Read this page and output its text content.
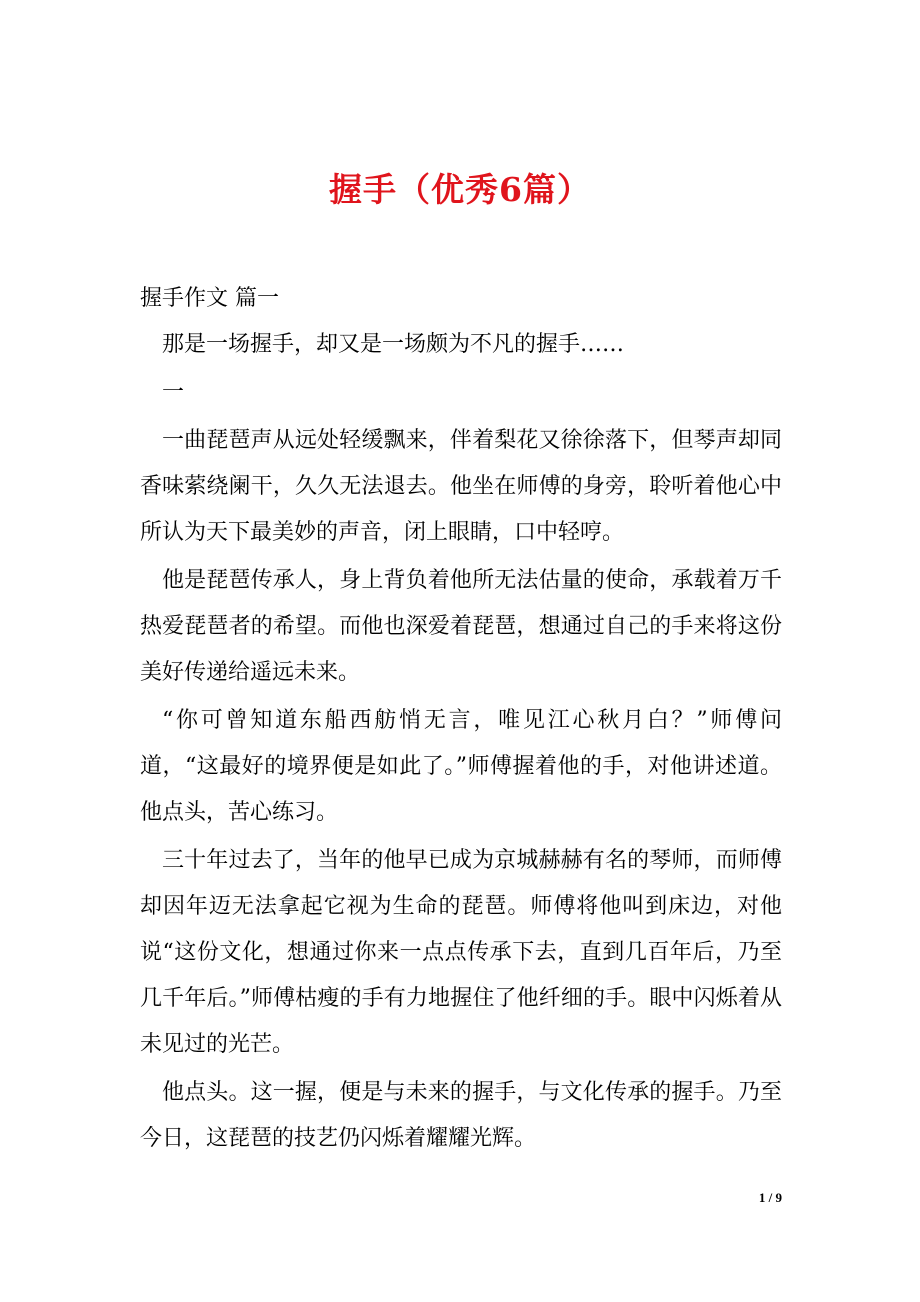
握手（优秀6篇）

握手作文 篇一

那是一场握手，却又是一场颇为不凡的握手……

一

一曲琵琶声从远处轻缓飘来，伴着梨花又徐徐落下，但琴声却同香味萦绕阑干，久久无法退去。他坐在师傅的身旁，聆听着他心中所认为天下最美妙的声音，闭上眼睛，口中轻哼。

他是琵琶传承人，身上背负着他所无法估量的使命，承载着万千热爱琵琶者的希望。而他也深爱着琵琶，想通过自己的手来将这份美好传递给遥远未来。

“你可曾知道东船西舫悄无言，唯见江心秋月白？”师傅问道，“这最好的境界便是如此了。”师傅握着他的手，对他讲述道。他点头，苦心练习。

三十年过去了，当年的他早已成为京城赫赫有名的琴师，而师傅却因年迈无法拿起它视为生命的琵琶。师傅将他叫到床边，对他说“这份文化，想通过你来一点点传承下去，直到几百年后，乃至几千年后。”师傅枯瘦的手有力地握住了他纤细的手。眼中闪烁着从未见过的光芒。

他点头。这一握，便是与未来的握手，与文化传承的握手。乃至今日，这琵琶的技艺仍闪烁着耀耀光辉。

1 / 9
